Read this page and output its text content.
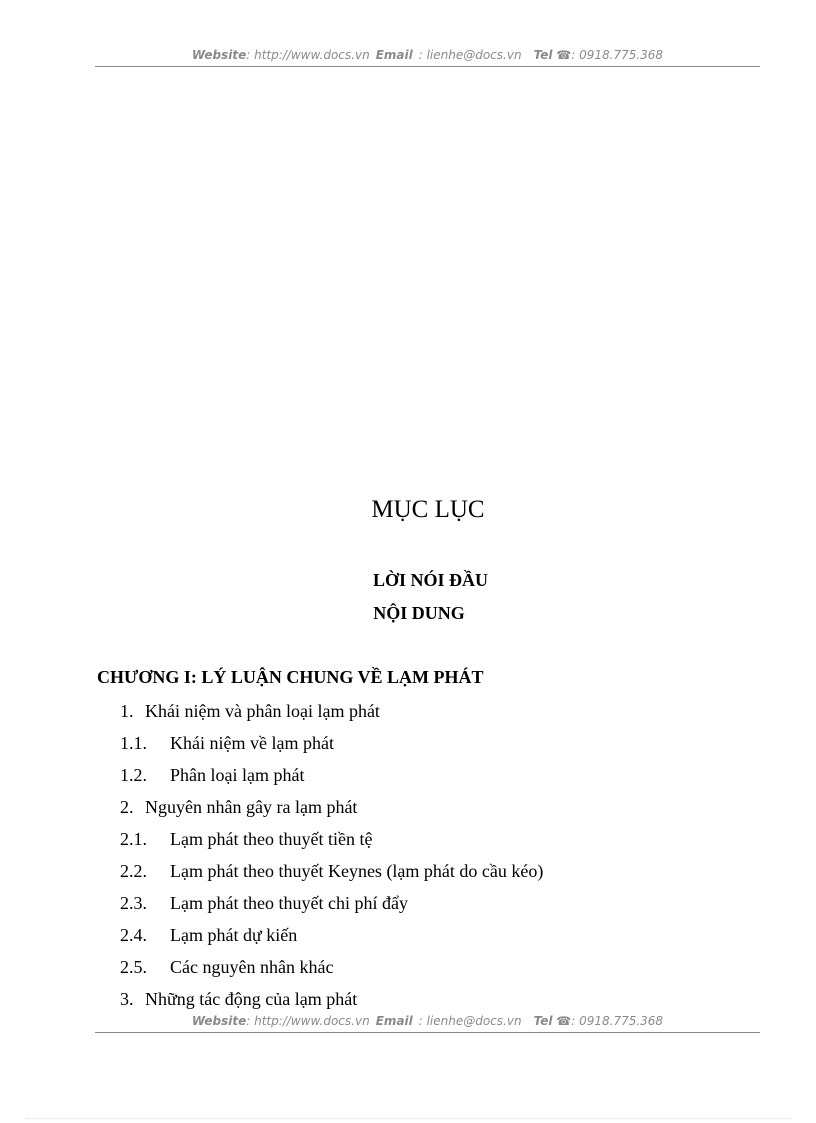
Website: http://www.docs.vn Email : lienhe@docs.vn Tel ☎: 0918.775.368
MỤC LỤC
LỜI NÓI ĐẦU
NỘI DUNG
CHƯƠNG I: LÝ LUẬN CHUNG VỀ LẠM PHÁT
1. Khái niệm và phân loại lạm phát
1.1. Khái niệm về lạm phát
1.2. Phân loại lạm phát
2. Nguyên nhân gây ra lạm phát
2.1. Lạm phát theo thuyết tiền tệ
2.2. Lạm phát theo thuyết Keynes (lạm phát do cầu kéo)
2.3. Lạm phát theo thuyết chi phí đẩy
2.4. Lạm phát dự kiến
2.5. Các nguyên nhân khác
3. Những tác động của lạm phát
Website: http://www.docs.vn Email : lienhe@docs.vn Tel ☎: 0918.775.368
